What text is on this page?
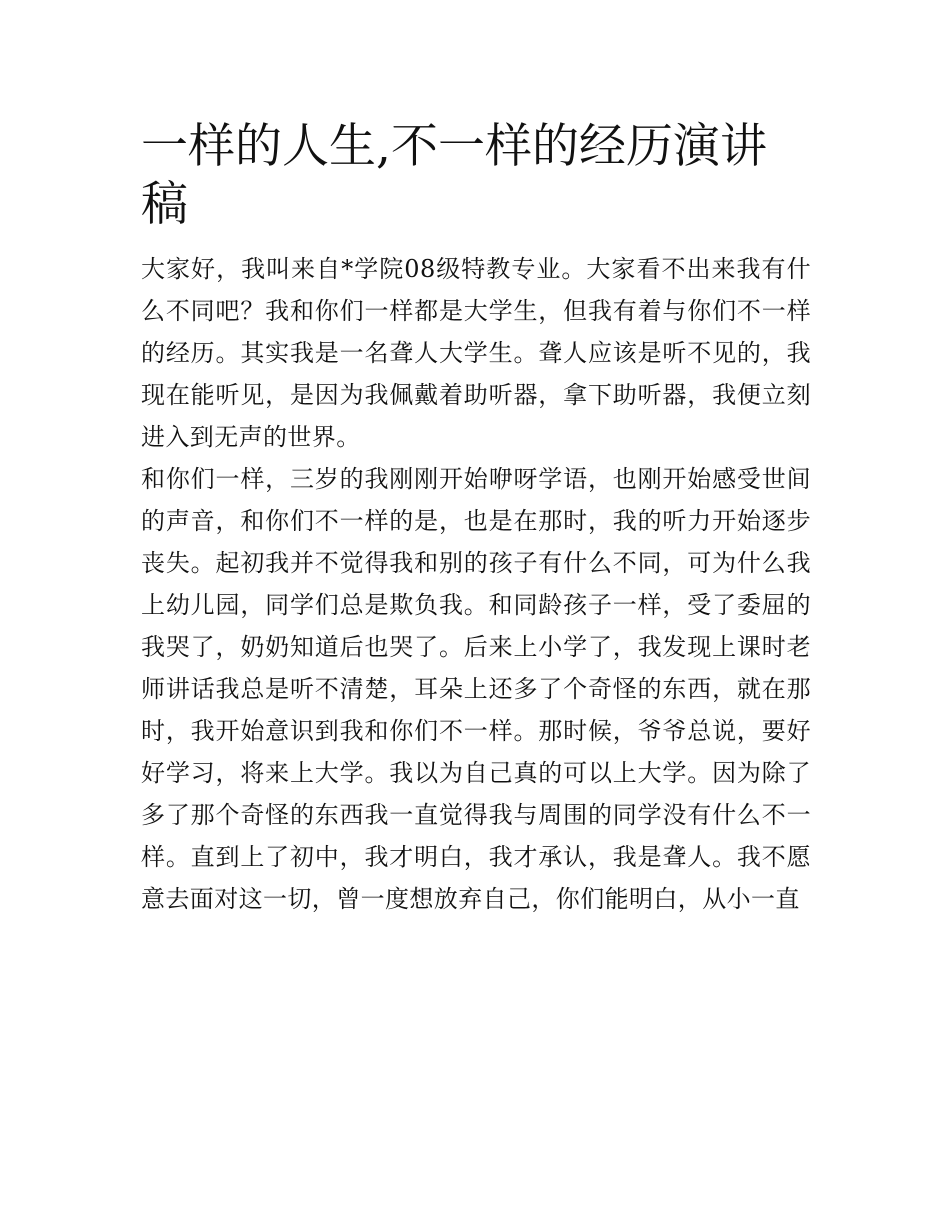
一样的人生,不一样的经历演讲稿

大家好，我叫来自*学院08级特教专业。大家看不出来我有什么不同吧？我和你们一样都是大学生，但我有着与你们不一样的经历。其实我是一名聋人大学生。聋人应该是听不见的，我现在能听见，是因为我佩戴着助听器，拿下助听器，我便立刻进入到无声的世界。

和你们一样，三岁的我刚刚开始咿呀学语，也刚开始感受世间的声音，和你们不一样的是，也是在那时，我的听力开始逐步丧失。起初我并不觉得我和别的孩子有什么不同，可为什么我上幼儿园，同学们总是欺负我。和同龄孩子一样，受了委屈的我哭了，奶奶知道后也哭了。后来上小学了，我发现上课时老师讲话我总是听不清楚，耳朵上还多了个奇怪的东西，就在那时，我开始意识到我和你们不一样。那时候，爷爷总说，要好好学习，将来上大学。我以为自己真的可以上大学。因为除了多了那个奇怪的东西我一直觉得我与周围的同学没有什么不一样。直到上了初中，我才明白，我才承认，我是聋人。我不愿意去面对这一切，曾一度想放弃自己，你们能明白，从小一直
